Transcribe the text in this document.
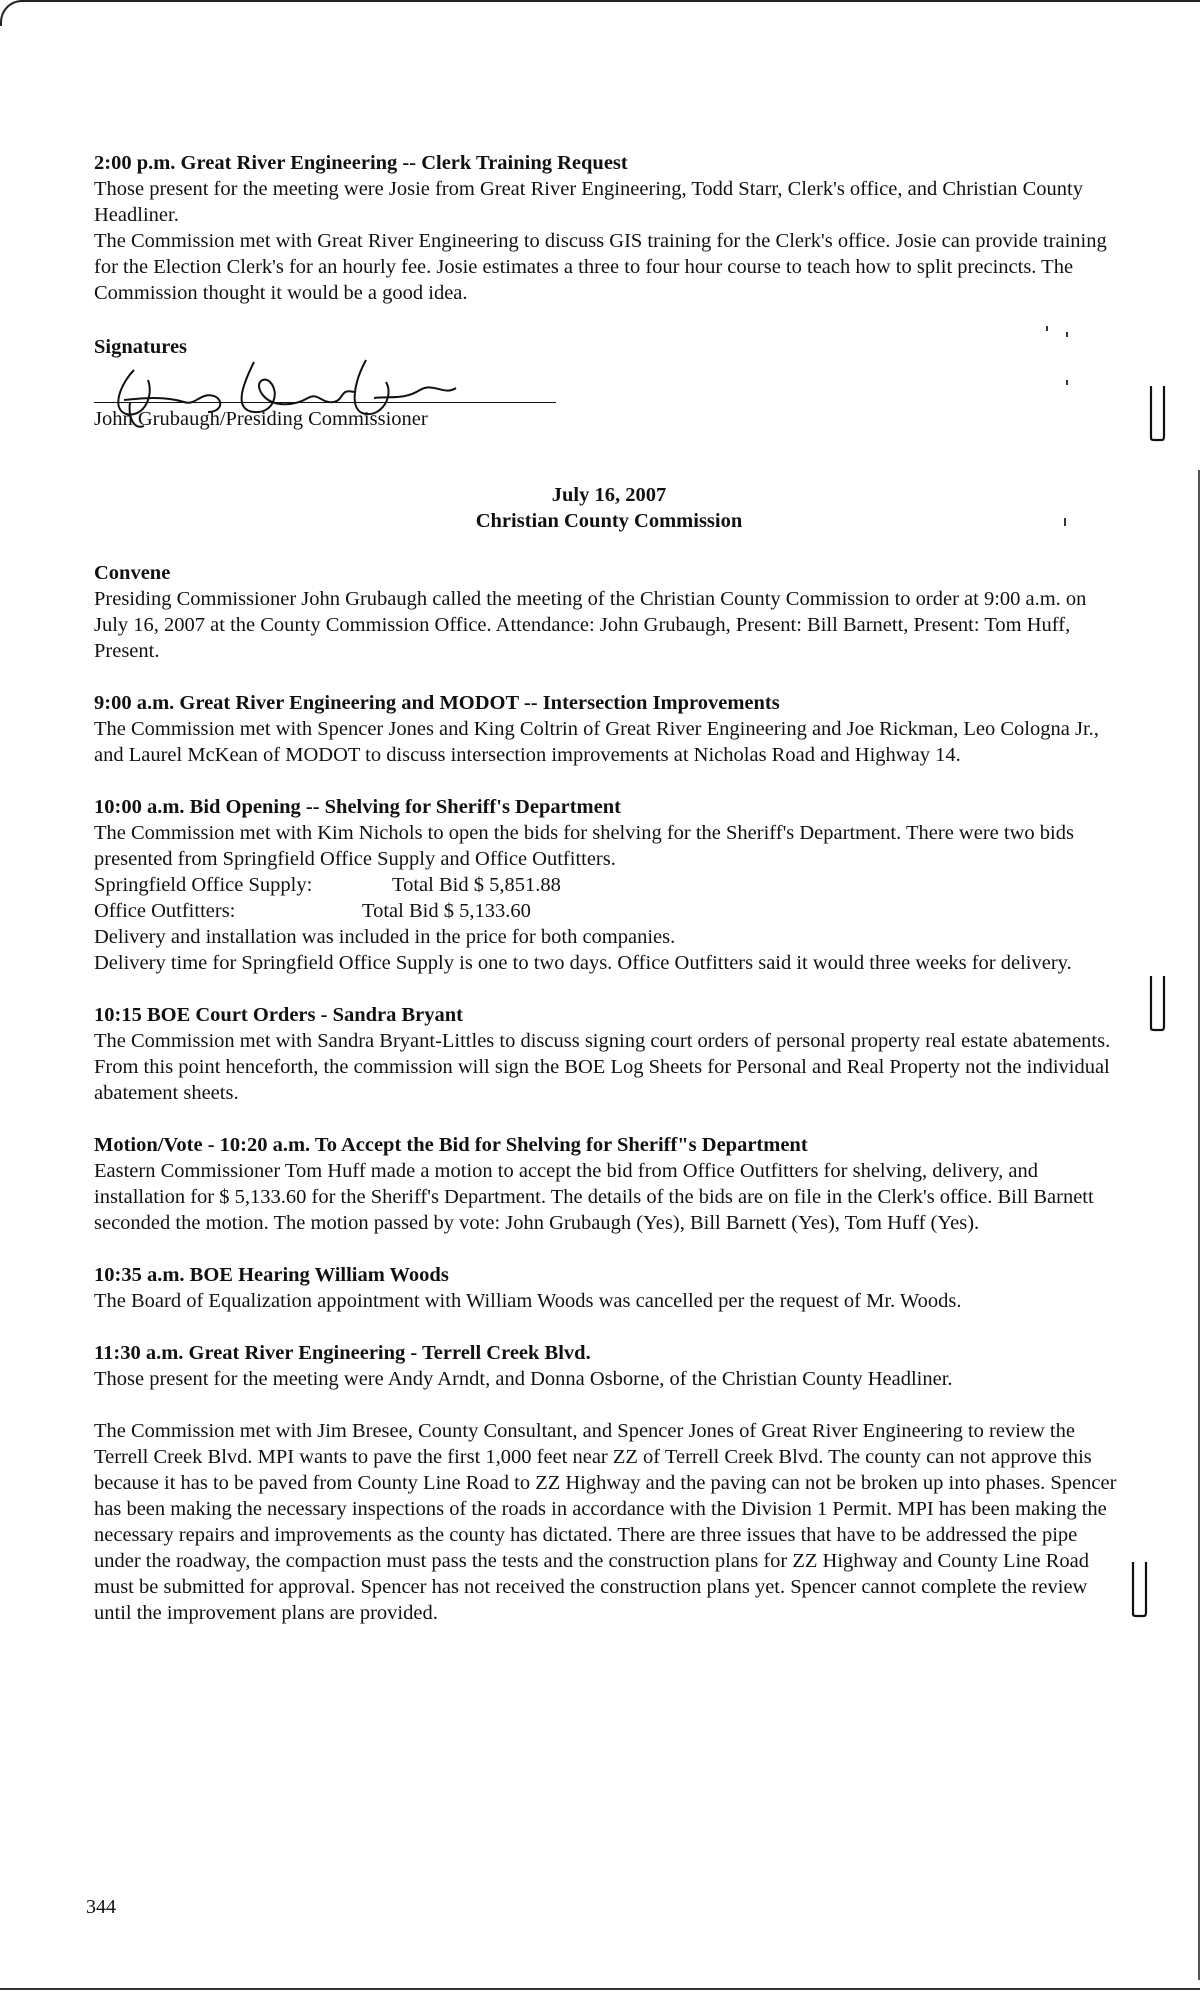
2:00 p.m. Great River Engineering -- Clerk Training Request
Those present for the meeting were Josie from Great River Engineering, Todd Starr, Clerk's office, and Christian County Headliner.
The Commission met with Great River Engineering to discuss GIS training for the Clerk's office. Josie can provide training for the Election Clerk's for an hourly fee. Josie estimates a three to four hour course to teach how to split precincts. The Commission thought it would be a good idea.
Signatures
John Grubaugh/Presiding Commissioner
July 16, 2007
Christian County Commission
Convene
Presiding Commissioner John Grubaugh called the meeting of the Christian County Commission to order at 9:00 a.m. on July 16, 2007 at the County Commission Office. Attendance: John Grubaugh, Present: Bill Barnett, Present: Tom Huff, Present.
9:00 a.m. Great River Engineering and MODOT -- Intersection Improvements
The Commission met with Spencer Jones and King Coltrin of Great River Engineering and Joe Rickman, Leo Cologna Jr., and Laurel McKean of MODOT to discuss intersection improvements at Nicholas Road and Highway 14.
10:00 a.m. Bid Opening -- Shelving for Sheriff's Department
The Commission met with Kim Nichols to open the bids for shelving for the Sheriff's Department. There were two bids presented from Springfield Office Supply and Office Outfitters.
Springfield Office Supply:	Total Bid $ 5,851.88
Office Outfitters:	Total Bid $ 5,133.60
Delivery and installation was included in the price for both companies.
Delivery time for Springfield Office Supply is one to two days. Office Outfitters said it would three weeks for delivery.
10:15 BOE Court Orders - Sandra Bryant
The Commission met with Sandra Bryant-Littles to discuss signing court orders of personal property real estate abatements. From this point henceforth, the commission will sign the BOE Log Sheets for Personal and Real Property not the individual abatement sheets.
Motion/Vote - 10:20 a.m. To Accept the Bid for Shelving for Sheriff"s Department
Eastern Commissioner Tom Huff made a motion to accept the bid from Office Outfitters for shelving, delivery, and installation for $ 5,133.60 for the Sheriff's Department. The details of the bids are on file in the Clerk's office. Bill Barnett seconded the motion. The motion passed by vote: John Grubaugh (Yes), Bill Barnett (Yes), Tom Huff (Yes).
10:35 a.m. BOE Hearing William Woods
The Board of Equalization appointment with William Woods was cancelled per the request of Mr. Woods.
11:30 a.m. Great River Engineering - Terrell Creek Blvd.
Those present for the meeting were Andy Arndt, and Donna Osborne, of the Christian County Headliner.
The Commission met with Jim Bresee, County Consultant, and Spencer Jones of Great River Engineering to review the Terrell Creek Blvd. MPI wants to pave the first 1,000 feet near ZZ of Terrell Creek Blvd. The county can not approve this because it has to be paved from County Line Road to ZZ Highway and the paving can not be broken up into phases. Spencer has been making the necessary inspections of the roads in accordance with the Division 1 Permit. MPI has been making the necessary repairs and improvements as the county has dictated. There are three issues that have to be addressed the pipe under the roadway, the compaction must pass the tests and the construction plans for ZZ Highway and County Line Road must be submitted for approval. Spencer has not received the construction plans yet. Spencer cannot complete the review until the improvement plans are provided.
344
